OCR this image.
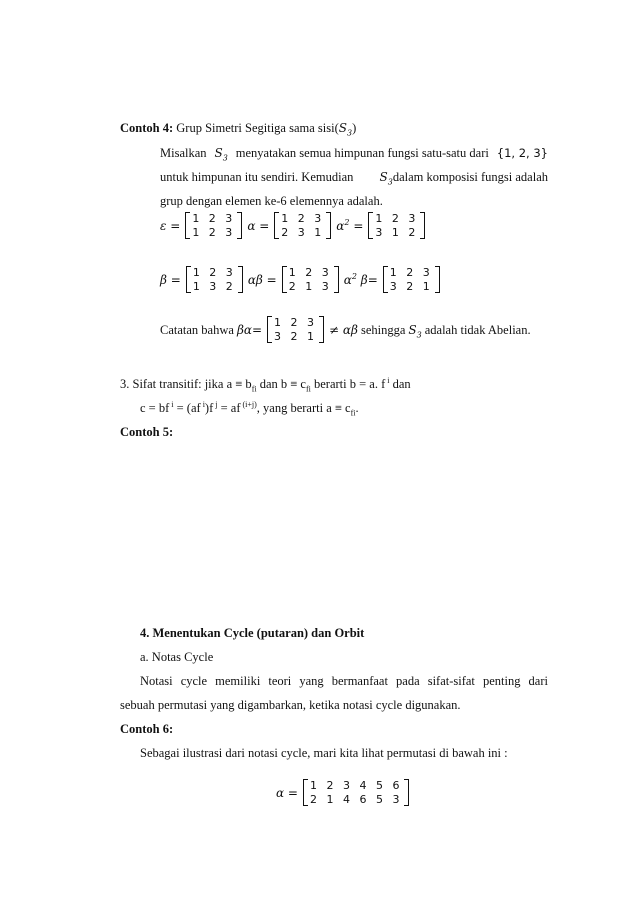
Contoh 4: Grup Simetri Segitiga sama $sisi(S_3)$
Misalkan $S_3$ menyatakan semua himpunan fungsi satu-satu dari {1, 2, 3}
untuk himpunan itu sendiri. Kemudian $S_3dalam$ komposisi fungsi adalah
grup dengan elemen ke-6 elemennya adalah.
ε = 1 2 3
1 2 3 α = 1 2 3
2 3 1 $\alpha^2 = 1$ 2 3
3 1 2
β = 1 2 3
1 3 2 αβ = 1 2 3
2 1 3 $\alpha^2$ β= 1 2 3
3 2 1
Catatan bahwa βα= 1 2 3
3 2 1 ≠ αβ sehingga $S_3$ adalah tidak Abelian.
3. Sifat transitif: jika $a \equiv b_{fi}$ dan $b \equiv c_{fi}$ berarti b = a. f $^i$ dan
c = bf $^i$ = (af $^i$)f $^j$ = af $^{(i+j)}$, yang berarti $a \equiv c_{fi}$.
Contoh 5:
4. Menentukan Cycle (putaran) dan Orbit
a. Notas Cycle
Notasi cycle memiliki teori yang bermanfaat pada sifat-sifat penting dari
sebuah permutasi yang digambarkan, ketika notasi cycle digunakan.
Contoh 6:
Sebagai ilustrasi dari notasi cycle, mari kita lihat permutasi di bawah ini :
α = 1 2 3 4 5 6
2 1 4 6 5 3
